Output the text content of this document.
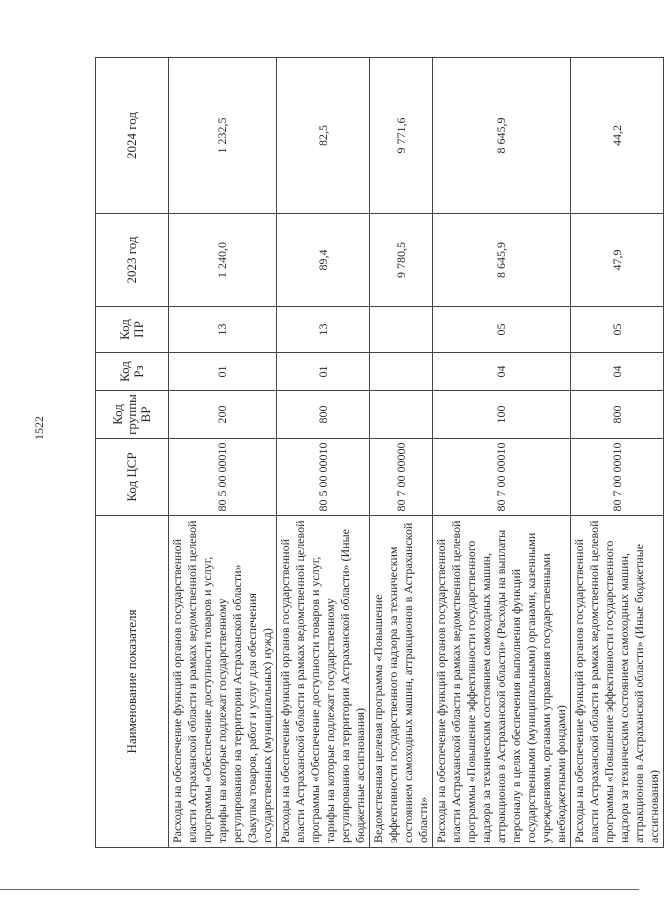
1522
Наименование показателя	Код ЦСР	Код группы ВР	Код Рз	Код ПР	2023 год	2024 год
Расходы на обеспечение функций органов государственной власти Астраханской области в рамках ведомственной целевой программы «Обеспечение доступности товаров и услуг, тарифы на которые подлежат государственному регулированию на территории Астраханской области» (Закупка товаров, работ и услуг для обеспечения государственных (муниципальных) нужд)	80 5 00 00010	200	01	13	1 240,0	1 232,5
Расходы на обеспечение функций органов государственной власти Астраханской области в рамках ведомственной целевой программы «Обеспечение доступности товаров и услуг, тарифы на которые подлежат государственному регулированию на территории Астраханской области» (Иные бюджетные ассигнования)	80 5 00 00010	800	01	13	89,4	82,5
Ведомственная целевая программа «Повышение эффективности государственного надзора за техническим состоянием самоходных машин, аттракционов в Астраханской области»	80 7 00 00000				9 780,5	9 771,6
Расходы на обеспечение функций органов государственной власти Астраханской области в рамках ведомственной целевой программы «Повышение эффективности государственного надзора за техническим состоянием самоходных машин, аттракционов в Астраханской области» (Расходы на выплаты персоналу в целях обеспечения выполнения функций государственными (муниципальными) органами, казенными учреждениями, органами управления государственными внебюджетными фондами)	80 7 00 00010	100	04	05	8 645,9	8 645,9
Расходы на обеспечение функций органов государственной власти Астраханской области в рамках ведомственной целевой программы «Повышение эффективности государственного надзора за техническим состоянием самоходных машин, аттракционов в Астраханской области» (Иные бюджетные ассигнования)	80 7 00 00010	800	04	05	47,9	44,2
